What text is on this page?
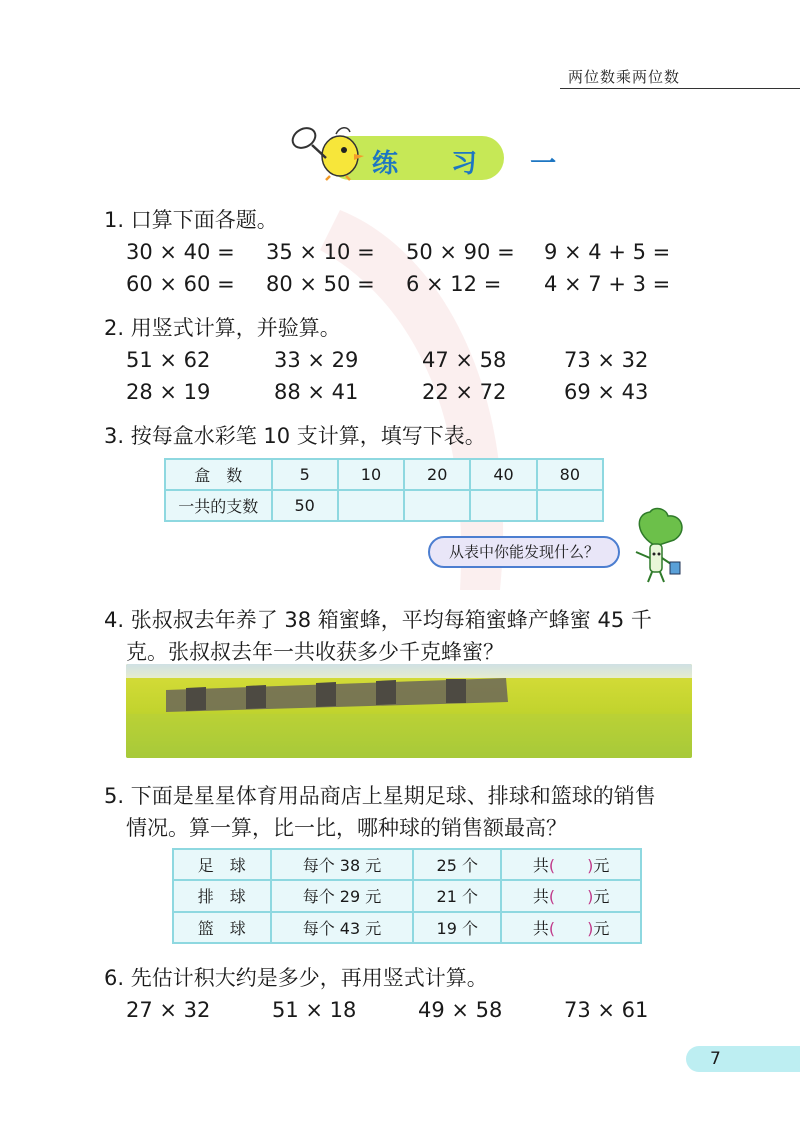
两位数乘两位数
练 习 一
1. 口算下面各题。
30 × 40 = 35 × 10 = 50 × 90 = 9 × 4 + 5 =
60 × 60 = 80 × 50 = 6 × 12 = 4 × 7 + 3 =
2. 用竖式计算，并验算。
51 × 62	33 × 29	47 × 58	73 × 32
28 × 19	88 × 41	22 × 72	69 × 43
3. 按每盒水彩笔 10 支计算，填写下表。
盒　数	5	10	20	40	80
一共的支数	50				
从表中你能发现什么？
4. 张叔叔去年养了 38 箱蜜蜂，平均每箱蜜蜂产蜂蜜 45 千
克。张叔叔去年一共收获多少千克蜂蜜？
5. 下面是星星体育用品商店上星期足球、排球和篮球的销售
情况。算一算，比一比，哪种球的销售额最高？
足　球	每个 38 元	25 个	共(   )元
排　球	每个 29 元	21 个	共(   )元
篮　球	每个 43 元	19 个	共(   )元
6. 先估计积大约是多少，再用竖式计算。
27 × 32	51 × 18	49 × 58	73 × 61
7
